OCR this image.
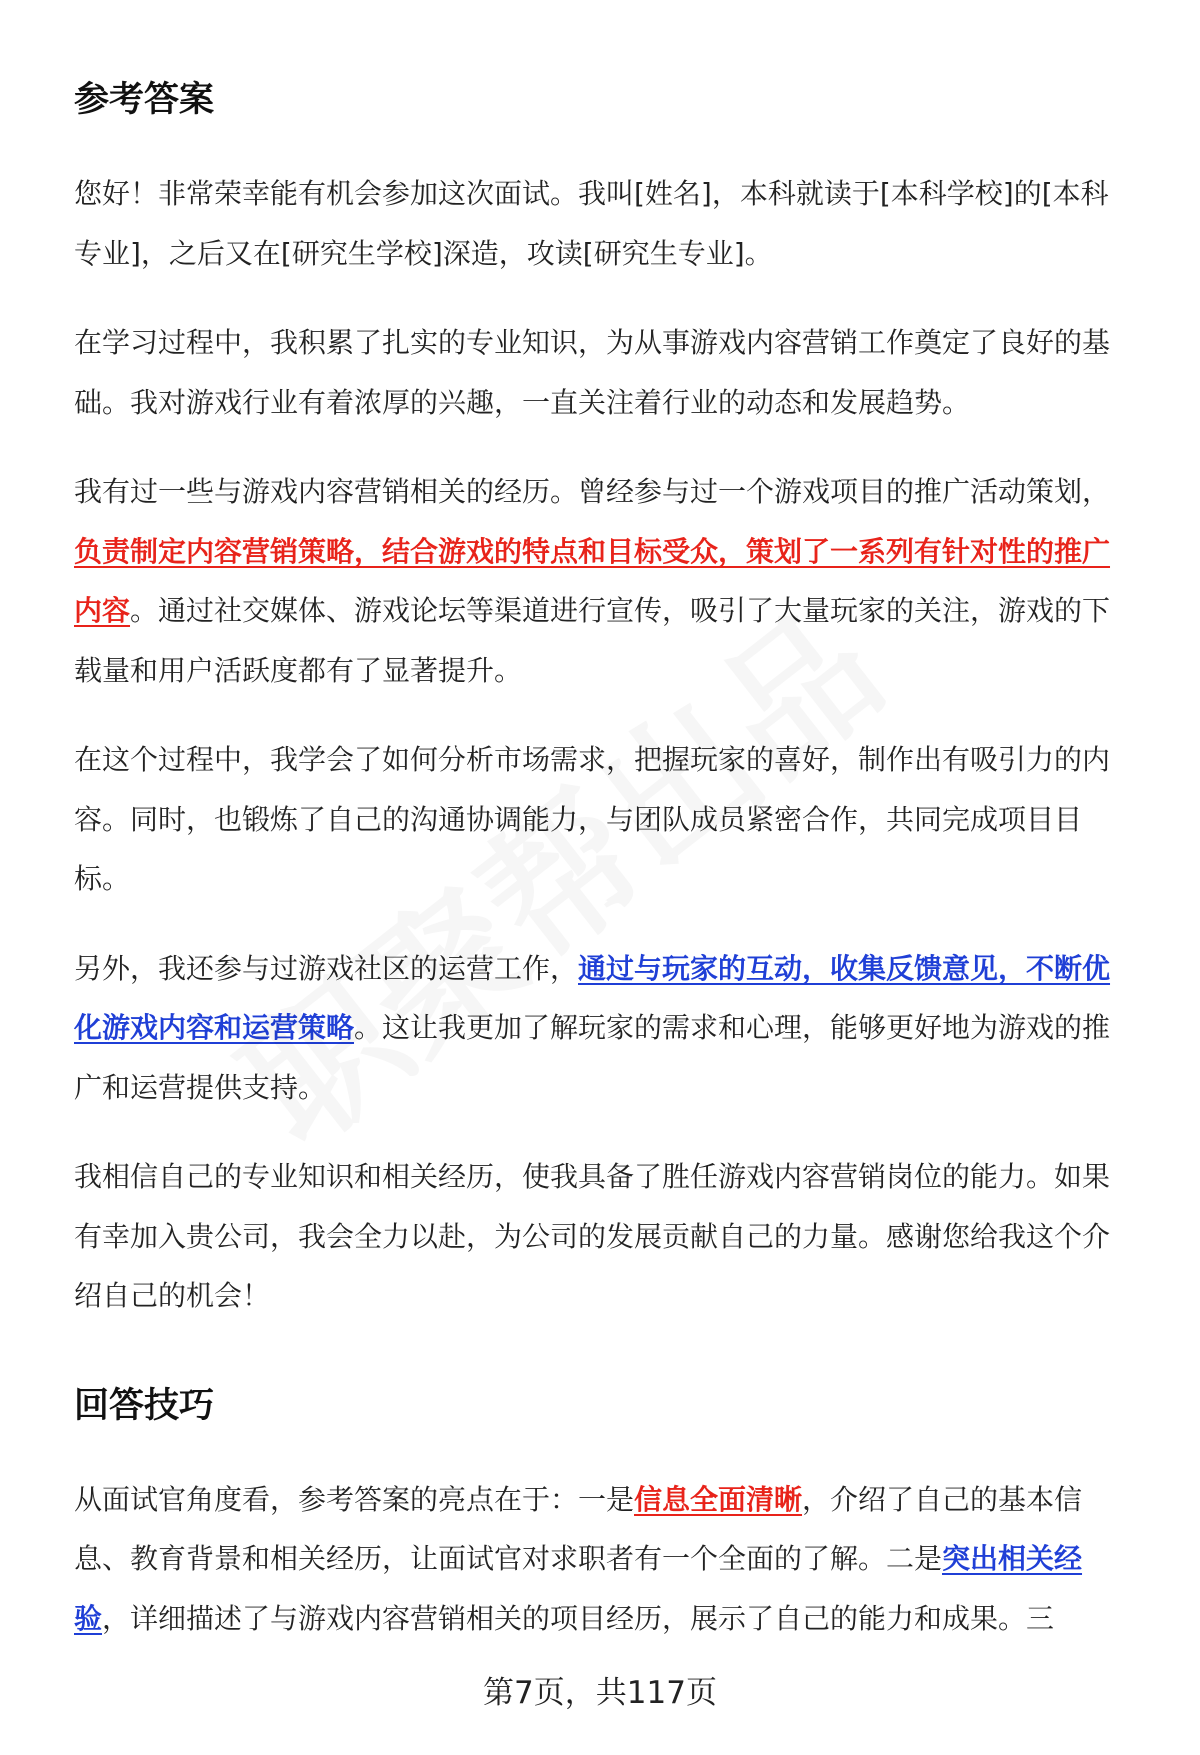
参考答案

您好！非常荣幸能有机会参加这次面试。我叫[姓名]，本科就读于[本科学校]的[本科专业]，之后又在[研究生学校]深造，攻读[研究生专业]。

在学习过程中，我积累了扎实的专业知识，为从事游戏内容营销工作奠定了良好的基础。我对游戏行业有着浓厚的兴趣，一直关注着行业的动态和发展趋势。

我有过一些与游戏内容营销相关的经历。曾经参与过一个游戏项目的推广活动策划，负责制定内容营销策略，结合游戏的特点和目标受众，策划了一系列有针对性的推广内容。通过社交媒体、游戏论坛等渠道进行宣传，吸引了大量玩家的关注，游戏的下载量和用户活跃度都有了显著提升。

在这个过程中，我学会了如何分析市场需求，把握玩家的喜好，制作出有吸引力的内容。同时，也锻炼了自己的沟通协调能力，与团队成员紧密合作，共同完成项目目标。

另外，我还参与过游戏社区的运营工作，通过与玩家的互动，收集反馈意见，不断优化游戏内容和运营策略。这让我更加了解玩家的需求和心理，能够更好地为游戏的推广和运营提供支持。

我相信自己的专业知识和相关经历，使我具备了胜任游戏内容营销岗位的能力。如果有幸加入贵公司，我会全力以赴，为公司的发展贡献自己的力量。感谢您给我这个介绍自己的机会！

回答技巧

从面试官角度看，参考答案的亮点在于：一是信息全面清晰，介绍了自己的基本信息、教育背景和相关经历，让面试官对求职者有一个全面的了解。二是突出相关经验，详细描述了与游戏内容营销相关的项目经历，展示了自己的能力和成果。三

第7页，共117页
